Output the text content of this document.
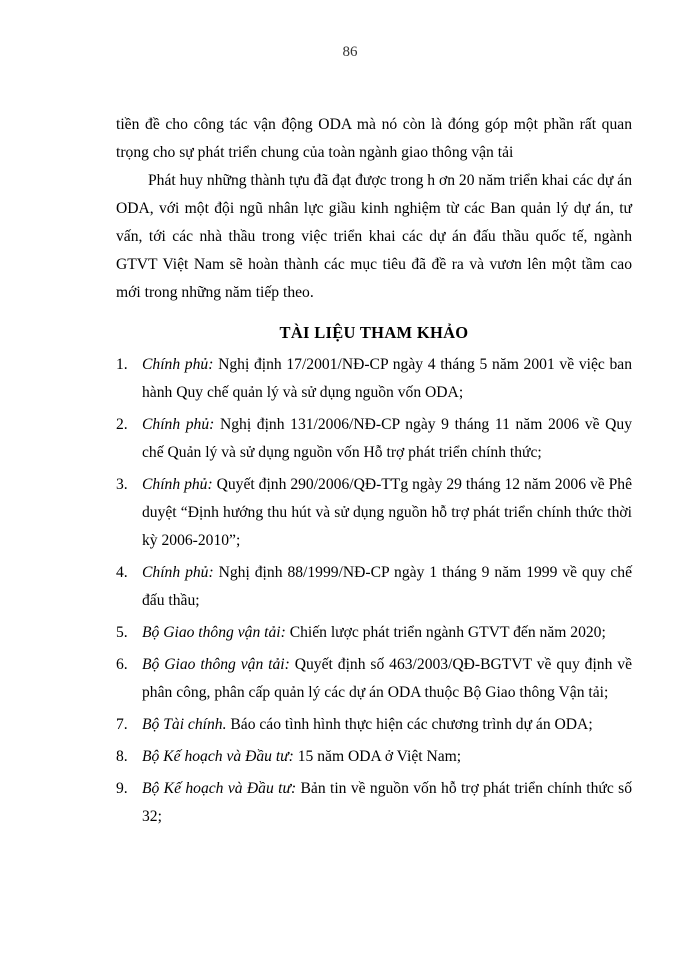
86

tiền đề cho công tác vận động ODA mà nó còn là đóng góp một phần rất quan trọng cho sự phát triển chung của toàn ngành giao thông vận tải

Phát huy những thành tựu đã đạt được trong h ơn 20 năm triển khai các dự án ODA, với một đội ngũ nhân lực giầu kinh nghiệm từ các Ban quản lý dự án, tư vấn, tới các nhà thầu trong việc triển khai các dự án đấu thầu quốc tế, ngành GTVT Việt Nam sẽ hoàn thành các mục tiêu đã đề ra và vươn lên một tầm cao mới trong những năm tiếp theo.

TÀI LIỆU THAM KHẢO
1. Chính phủ: Nghị định 17/2001/NĐ-CP ngày 4 tháng 5 năm 2001 về việc ban hành Quy chế quản lý và sử dụng nguồn vốn ODA;
2. Chính phủ: Nghị định 131/2006/NĐ-CP ngày 9 tháng 11 năm 2006 về Quy chế Quản lý và sử dụng nguồn vốn Hỗ trợ phát triển chính thức;
3. Chính phủ: Quyết định 290/2006/QĐ-TTg ngày 29 tháng 12 năm 2006 về Phê duyệt “Định hướng thu hút và sử dụng nguồn hỗ trợ phát triển chính thức thời kỳ 2006-2010”;
4. Chính phủ: Nghị định 88/1999/NĐ-CP ngày 1 tháng 9 năm 1999 về quy chế đấu thầu;
5. Bộ Giao thông vận tải: Chiến lược phát triển ngành GTVT đến năm 2020;
6. Bộ Giao thông vận tải: Quyết định số 463/2003/QĐ-BGTVT về quy định về phân công, phân cấp quản lý các dự án ODA thuộc Bộ Giao thông Vận tải;
7. Bộ Tài chính. Báo cáo tình hình thực hiện các chương trình dự án ODA;
8. Bộ Kế hoạch và Đầu tư: 15 năm ODA ở Việt Nam;
9. Bộ Kế hoạch và Đầu tư: Bản tin về nguồn vốn hỗ trợ phát triển chính thức số 32;
